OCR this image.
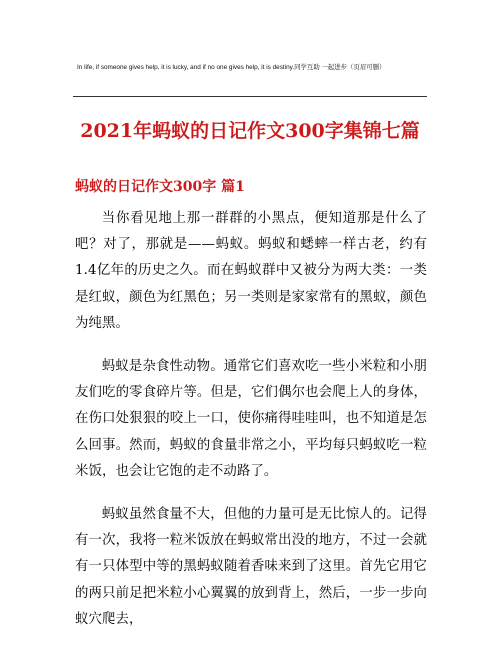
In life, if someone gives help, it is lucky, and if no one gives help, it is destiny.同学互助 一起进步（页眉可删）
2021年蚂蚁的日记作文300字集锦七篇
蚂蚁的日记作文300字 篇1

当你看见地上那一群群的小黑点，便知道那是什么了吧？对了，那就是——蚂蚁。蚂蚁和蟋蟀一样古老，约有1.4亿年的历史之久。而在蚂蚁群中又被分为两大类：一类是红蚁，颜色为红黑色；另一类则是家家常有的黑蚁，颜色为纯黑。

蚂蚁是杂食性动物。通常它们喜欢吃一些小米粒和小朋友们吃的零食碎片等。但是，它们偶尔也会爬上人的身体，在伤口处狠狠的咬上一口，使你痛得哇哇叫，也不知道是怎么回事。然而，蚂蚁的食量非常之小，平均每只蚂蚁吃一粒米饭，也会让它饱的走不动路了。

蚂蚁虽然食量不大，但他的力量可是无比惊人的。记得有一次，我将一粒米饭放在蚂蚁常出没的地方，不过一会就有一只体型中等的黑蚂蚁随着香味来到了这里。首先它用它的两只前足把米粒小心翼翼的放到背上，然后，一步一步向蚁穴爬去，
